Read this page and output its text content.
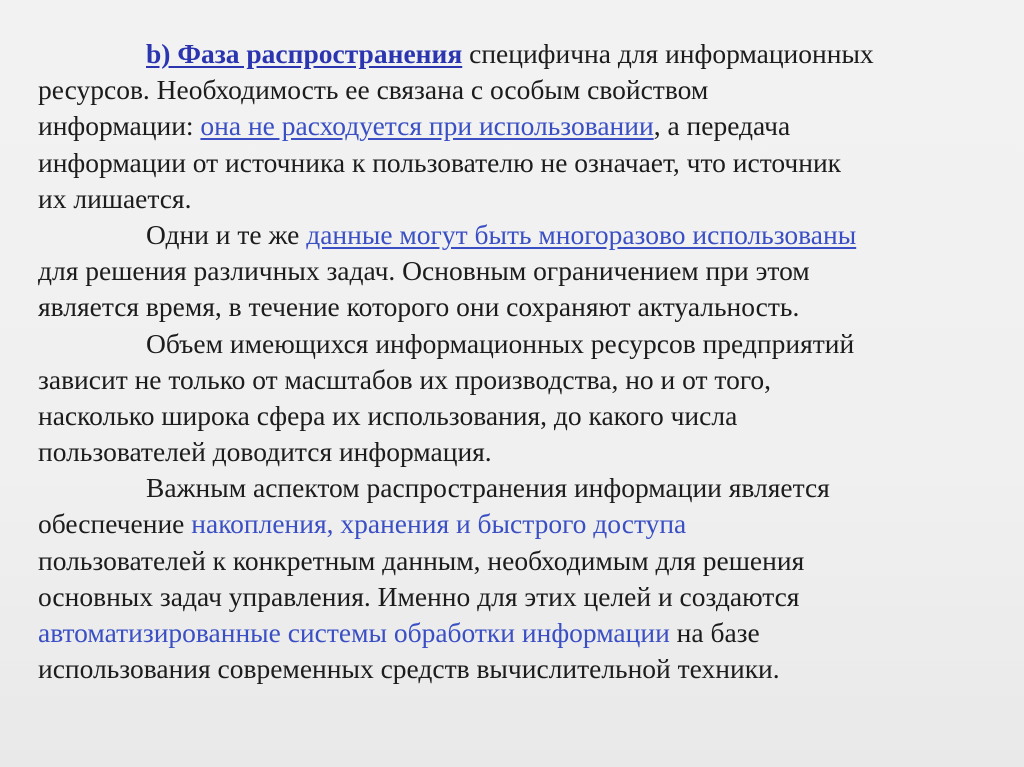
b) Фаза распространения специфична для информационных
ресурсов. Необходимость ее связана с особым свойством
информации: она не расходуется при использовании, а передача
информации от источника к пользователю не означает, что источник
их лишается.
Одни и те же данные могут быть многоразово использованы
для решения различных задач. Основным ограничением при этом
является время, в течение которого они сохраняют актуальность.
Объем имеющихся информационных ресурсов предприятий
зависит не только от масштабов их производства, но и от того,
насколько широка сфера их использования, до какого числа
пользователей доводится информация.
Важным аспектом распространения информации является
обеспечение накопления, хранения и быстрого доступа
пользователей к конкретным данным, необходимым для решения
основных задач управления. Именно для этих целей и создаются
автоматизированные системы обработки информации на базе
использования современных средств вычислительной техники.
